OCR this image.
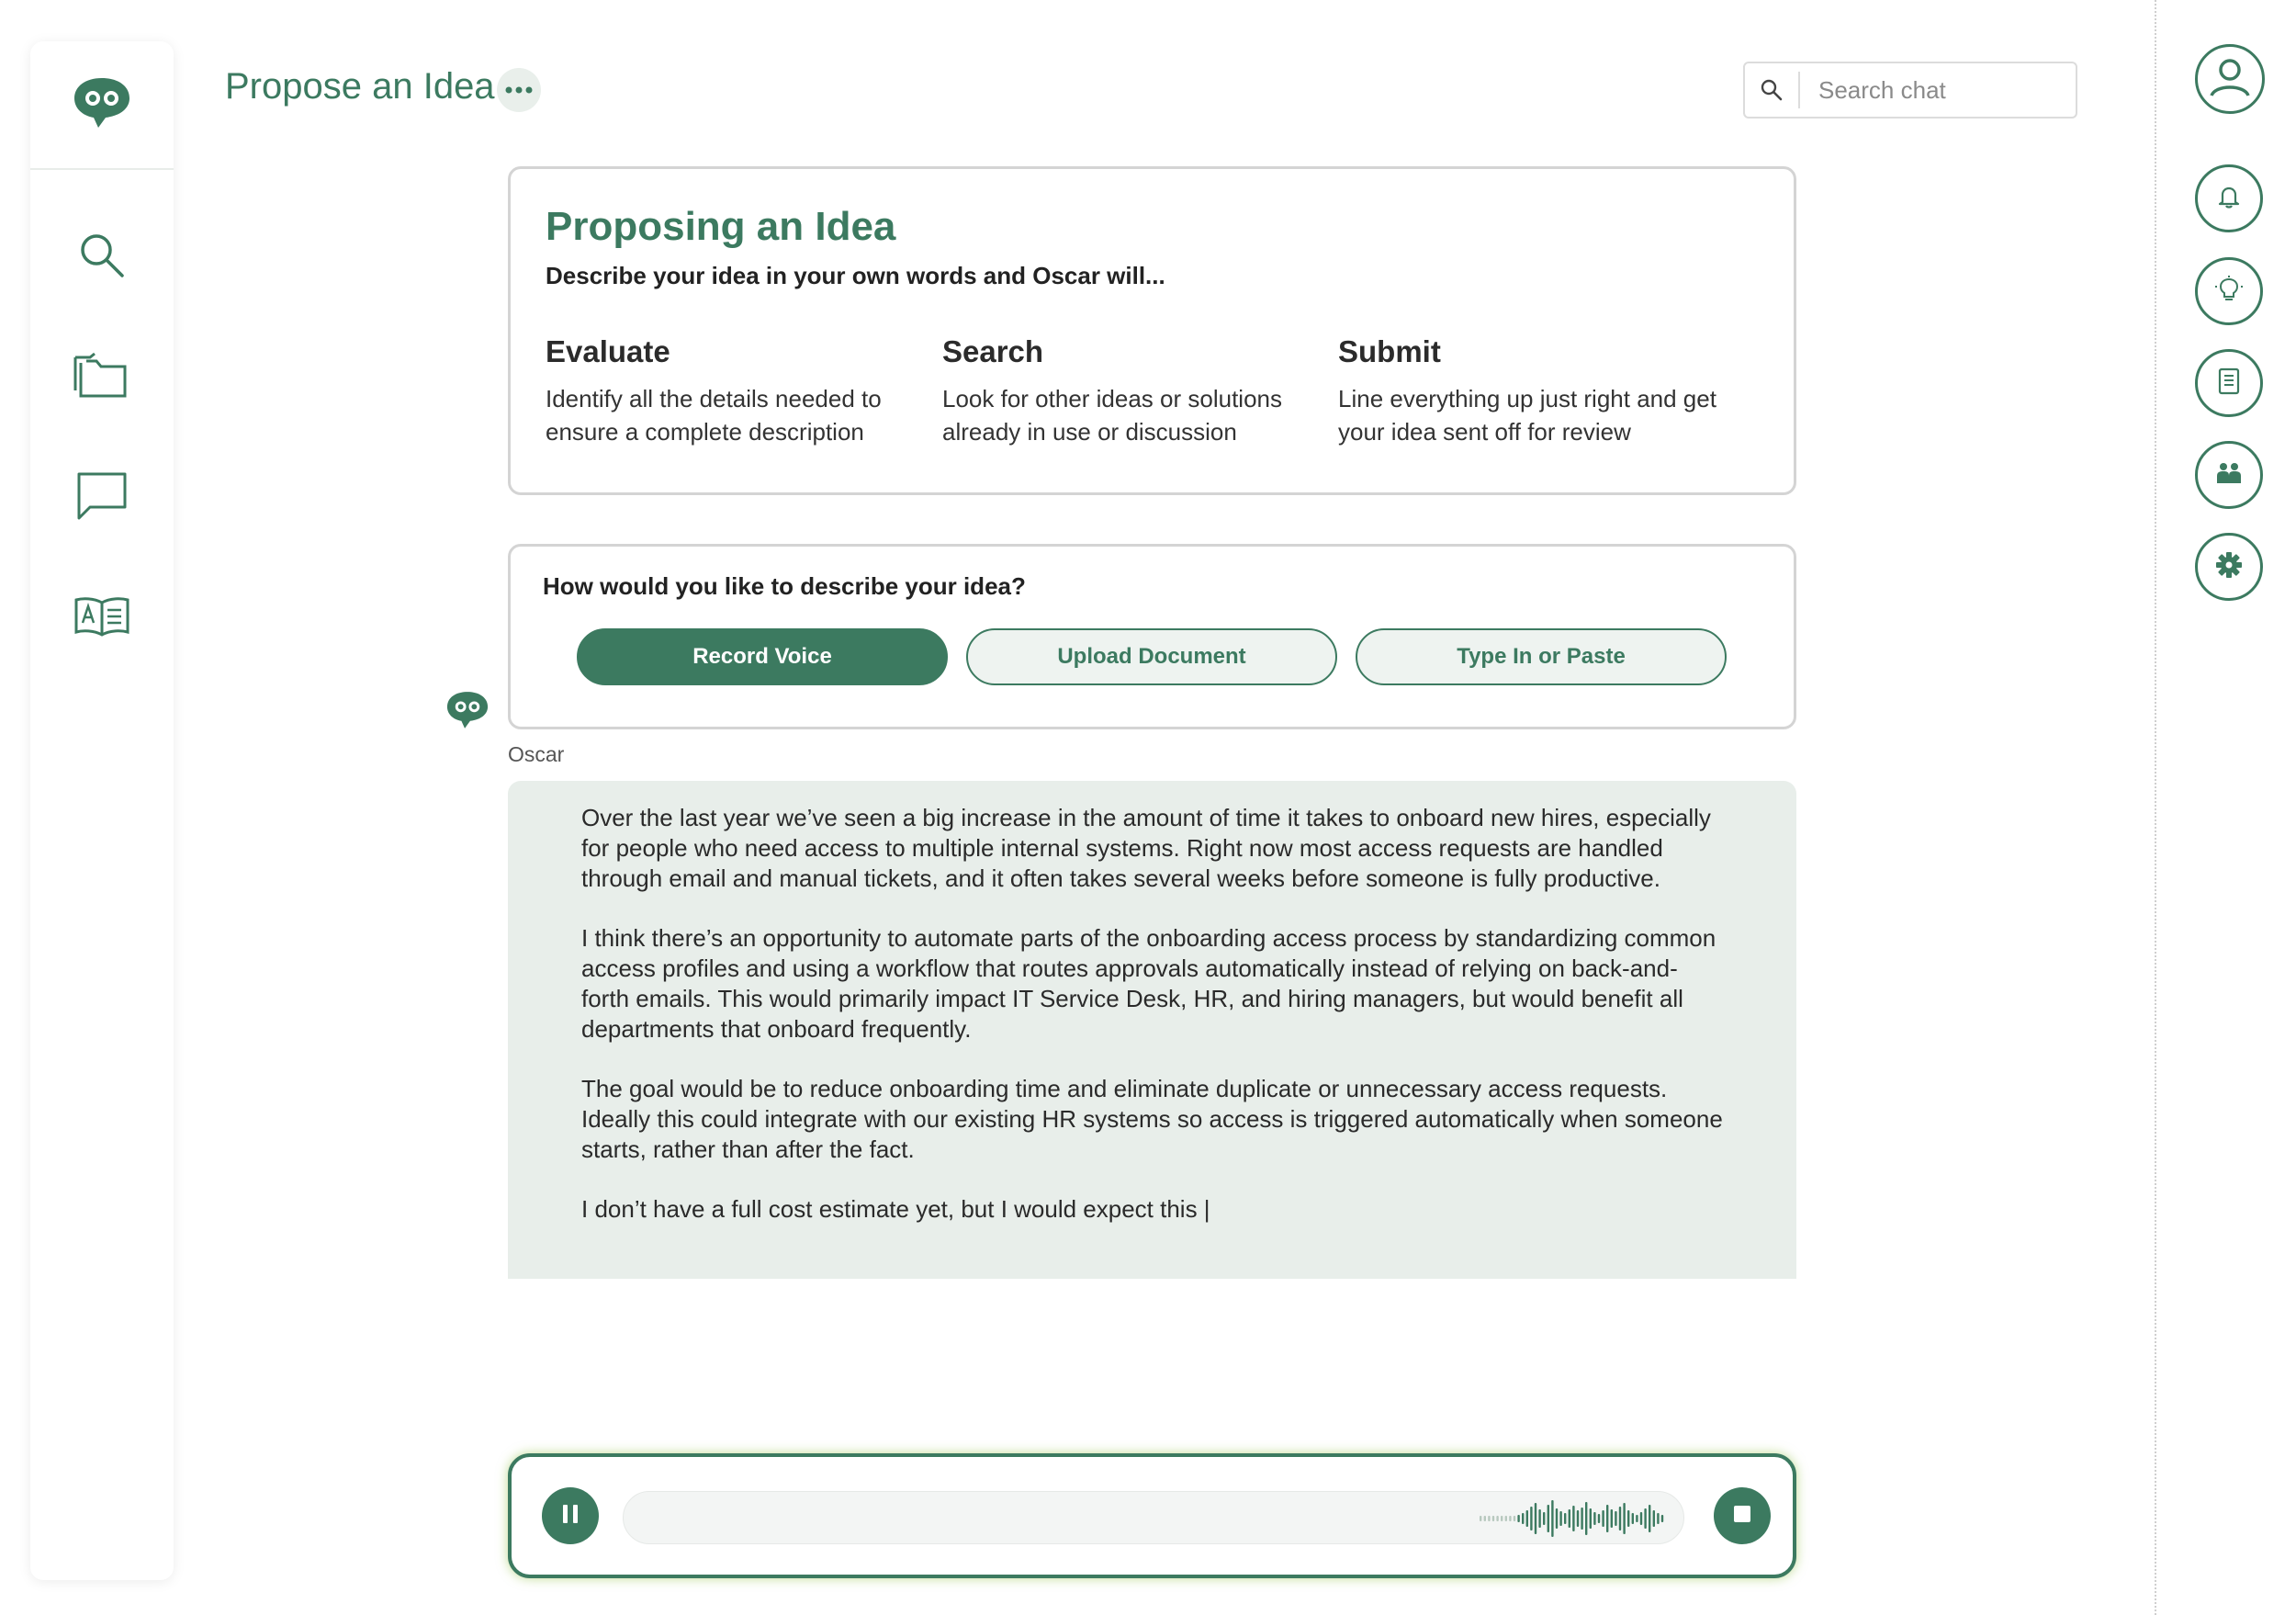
Propose an Idea
Search chat
Proposing an Idea
Describe your idea in your own words and Oscar will...
Evaluate

Identify all the details needed to ensure a complete description

Search

Look for other ideas or solutions already in use or discussion

Submit

Line everything up just right and get your idea sent off for review

How would you like to describe your idea?
Record Voice	Upload Document	Type In or Paste
Oscar

Over the last year we’ve seen a big increase in the amount of time it takes to onboard new hires, especially for people who need access to multiple internal systems. Right now most access requests are handled through email and manual tickets, and it often takes several weeks before someone is fully productive.

I think there’s an opportunity to automate parts of the onboarding access process by standardizing common access profiles and using a workflow that routes approvals automatically instead of relying on back-and-forth emails. This would primarily impact IT Service Desk, HR, and hiring managers, but would benefit all departments that onboard frequently.

The goal would be to reduce onboarding time and eliminate duplicate or unnecessary access requests. Ideally this could integrate with our existing HR systems so access is triggered automatically when someone starts, rather than after the fact.

I don’t have a full cost estimate yet, but I would expect this |
